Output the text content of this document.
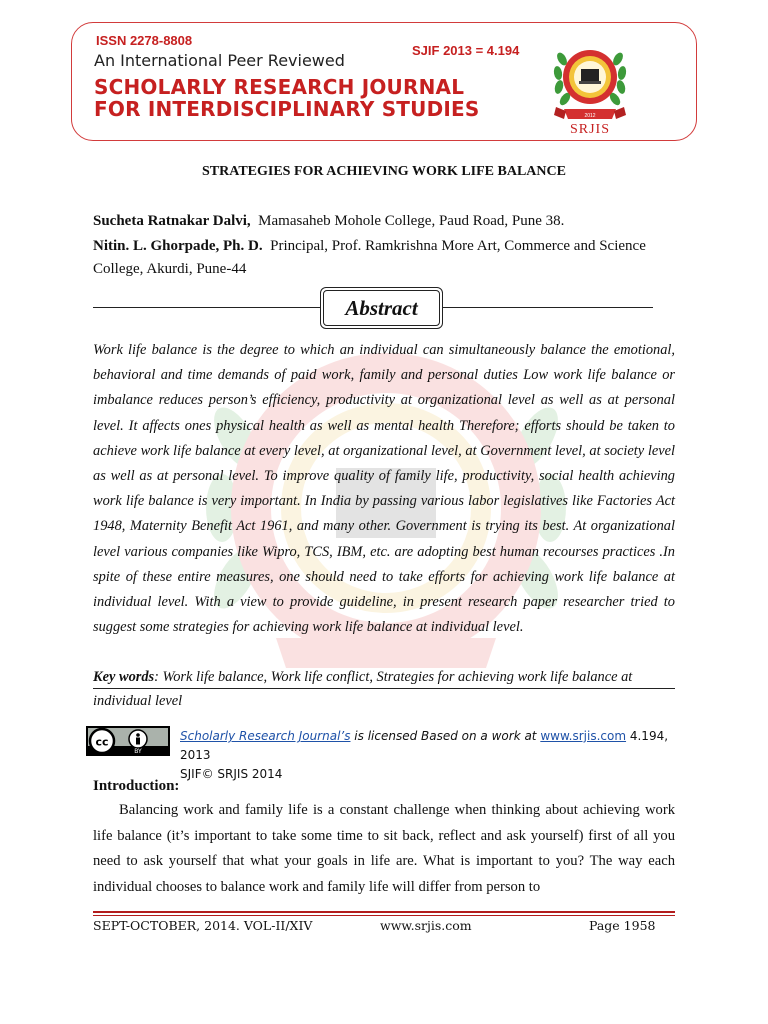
ISSN 2278-8808
An International Peer Reviewed
SJIF 2013 = 4.194
SCHOLARLY RESEARCH JOURNAL
FOR INTERDISCIPLINARY STUDIES
SRJIS
2012
STRATEGIES FOR ACHIEVING WORK LIFE BALANCE
Sucheta Ratnakar Dalvi, Mamasaheb Mohole College, Paud Road, Pune 38.
Nitin. L. Ghorpade, Ph. D. Principal, Prof. Ramkrishna More Art, Commerce and Science College, Akurdi, Pune-44
Abstract
Work life balance is the degree to which an individual can simultaneously balance the emotional, behavioral and time demands of paid work, family and personal duties Low work life balance or imbalance reduces person’s efficiency, productivity at organizational level as well as at personal level. It affects ones physical health as well as mental health Therefore; efforts should be taken to achieve work life balance at every level, at organizational level, at Government level, at society level as well as at personal level. To improve quality of family life, productivity, social health achieving work life balance is very important. In India by passing various labor legislatives like Factories Act 1948, Maternity Benefit Act 1961, and many other. Government is trying its best. At organizational level various companies like Wipro, TCS, IBM, etc. are adopting best human recourses practices .In spite of these entire measures, one should need to take efforts for achieving work life balance at individual level. With a view to provide guideline, in present research paper researcher tried to suggest some strategies for achieving work life balance at individual level.
Key words: Work life balance, Work life conflict, Strategies for achieving work life balance at individual level
cc
BY
Scholarly Research Journal’s is licensed Based on a work at www.srjis.com 4.194, 2013
SJIF© SRJIS 2014
Introduction:
Balancing work and family life is a constant challenge when thinking about achieving work life balance (it’s important to take some time to sit back, reflect and ask yourself) first of all you need to ask yourself that what your goals in life are. What is important to you? The way each individual chooses to balance work and family life will differ from person to
SEPT-OCTOBER, 2014. VOL-II/XIV	www.srjis.com	Page 1958
